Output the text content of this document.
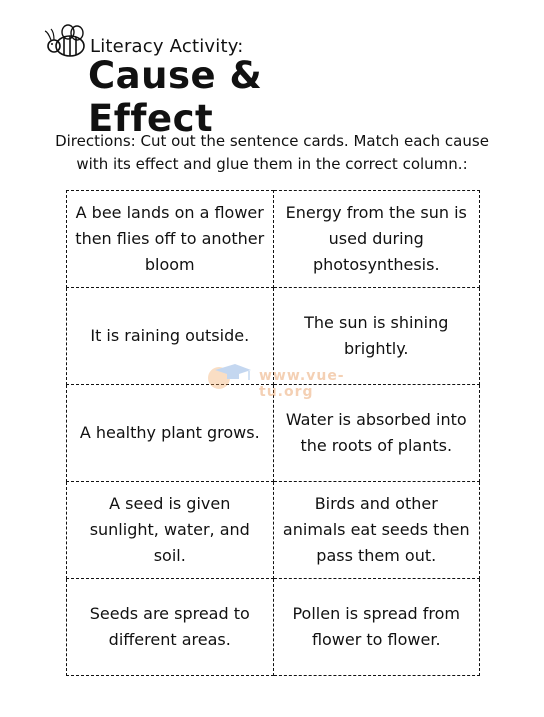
Literacy Activity:
Cause & Effect
Directions: Cut out the sentence cards. Match each cause
with its effect and glue them in the correct column.:
A bee lands on a flower then flies off to another bloom	Energy from the sun is used during photosynthesis.
It is raining outside.	The sun is shining brightly.
A healthy plant grows.	Water is absorbed into the roots of plants.
A seed is given sunlight, water, and soil.	Birds and other animals eat seeds then pass them out.
Seeds are spread to different areas.	Pollen is spread from flower to flower.
www.vue-tu.org
